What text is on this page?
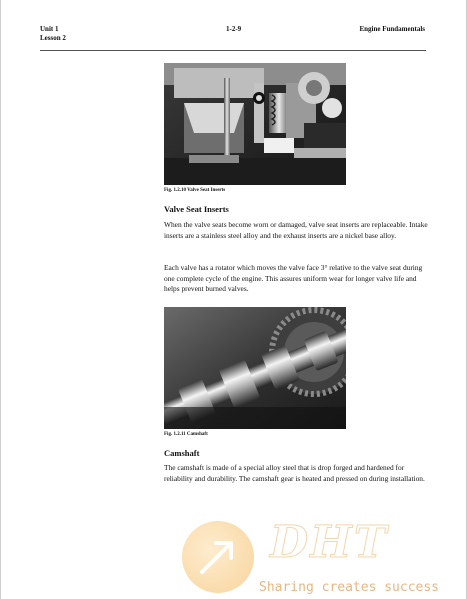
Unit 1
Lesson 2
1-2-9	Engine Fundamentals
Fig. 1.2.10 Valve Seat Inserts
Valve Seat Inserts

When the valve seats become worn or damaged, valve seat inserts are replaceable. Intake inserts are a stainless steel alloy and the exhaust inserts are a nickel base alloy.

Each valve has a rotator which moves the valve face 3° relative to the valve seat during one complete cycle of the engine. This assures uniform wear for longer valve life and helps prevent burned valves.

Fig. 1.2.11 Camshaft
Camshaft

The camshaft is made of a special alloy steel that is drop forged and hardened for reliability and durability. The camshaft gear is heated and pressed on during installation.

DHT
Sharing creates success
